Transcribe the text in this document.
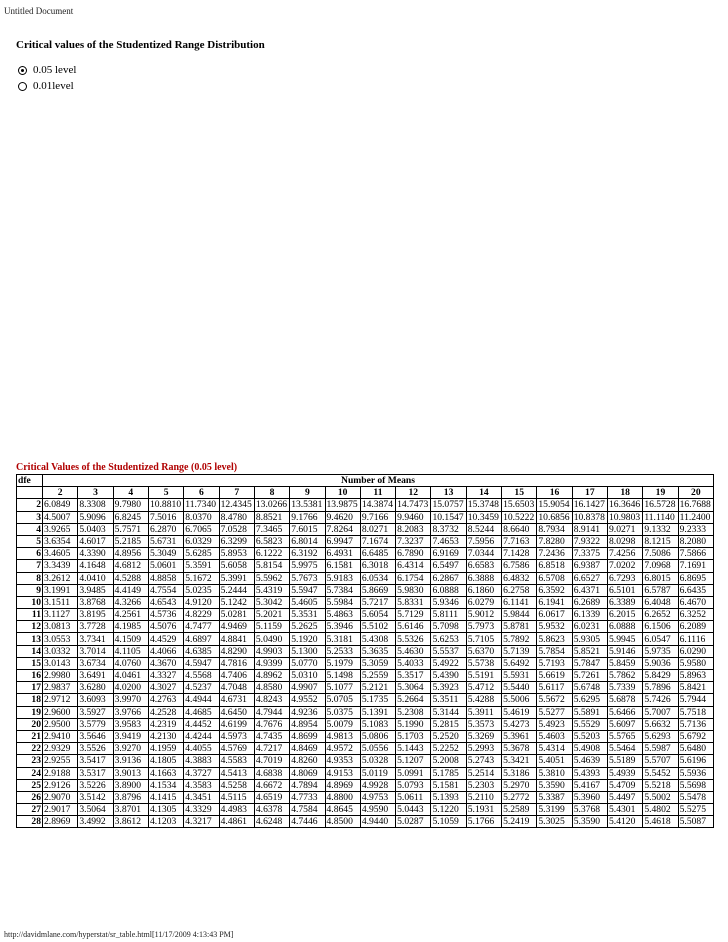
Untitled Document
Critical values of the Studentized Range Distribution
0.05 level
0.01level
Critical Values of the Studentized Range (0.05 level)
dfe	Number of Means																		
	2	3	4	5	6	7	8	9	10	11	12	13	14	15	16	17	18	19	20
2	6.0849	8.3308	9.7980	10.8810	11.7340	12.4345	13.0266	13.5381	13.9875	14.3874	14.7473	15.0757	15.3748	15.6503	15.9054	16.1427	16.3646	16.5728	16.7688
3	4.5007	5.9096	6.8245	7.5016	8.0370	8.4780	8.8521	9.1766	9.4620	9.7166	9.9460	10.1547	10.3459	10.5222	10.6856	10.8378	10.9803	11.1140	11.2400
4	3.9265	5.0403	5.7571	6.2870	6.7065	7.0528	7.3465	7.6015	7.8264	8.0271	8.2083	8.3732	8.5244	8.6640	8.7934	8.9141	9.0271	9.1332	9.2333
5	3.6354	4.6017	5.2185	5.6731	6.0329	6.3299	6.5823	6.8014	6.9947	7.1674	7.3237	7.4653	7.5956	7.7163	7.8280	7.9322	8.0298	8.1215	8.2080
6	3.4605	4.3390	4.8956	5.3049	5.6285	5.8953	6.1222	6.3192	6.4931	6.6485	6.7890	6.9169	7.0344	7.1428	7.2436	7.3375	7.4256	7.5086	7.5866
7	3.3439	4.1648	4.6812	5.0601	5.3591	5.6058	5.8154	5.9975	6.1581	6.3018	6.4314	6.5497	6.6583	6.7586	6.8518	6.9387	7.0202	7.0968	7.1691
8	3.2612	4.0410	4.5288	4.8858	5.1672	5.3991	5.5962	5.7673	5.9183	6.0534	6.1754	6.2867	6.3888	6.4832	6.5708	6.6527	6.7293	6.8015	6.8695
9	3.1991	3.9485	4.4149	4.7554	5.0235	5.2444	5.4319	5.5947	5.7384	5.8669	5.9830	6.0888	6.1860	6.2758	6.3592	6.4371	6.5101	6.5787	6.6435
10	3.1511	3.8768	4.3266	4.6543	4.9120	5.1242	5.3042	5.4605	5.5984	5.7217	5.8331	5.9346	6.0279	6.1141	6.1941	6.2689	6.3389	6.4048	6.4670
11	3.1127	3.8195	4.2561	4.5736	4.8229	5.0281	5.2021	5.3531	5.4863	5.6054	5.7129	5.8111	5.9012	5.9844	6.0617	6.1339	6.2015	6.2652	6.3252
12	3.0813	3.7728	4.1985	4.5076	4.7477	4.9469	5.1159	5.2625	5.3946	5.5102	5.6146	5.7098	5.7973	5.8781	5.9532	6.0231	6.0888	6.1506	6.2089
13	3.0553	3.7341	4.1509	4.4529	4.6897	4.8841	5.0490	5.1920	5.3181	5.4308	5.5326	5.6253	5.7105	5.7892	5.8623	5.9305	5.9945	6.0547	6.1116
14	3.0332	3.7014	4.1105	4.4066	4.6385	4.8290	4.9903	5.1300	5.2533	5.3635	5.4630	5.5537	5.6370	5.7139	5.7854	5.8521	5.9146	5.9735	6.0290
15	3.0143	3.6734	4.0760	4.3670	4.5947	4.7816	4.9399	5.0770	5.1979	5.3059	5.4033	5.4922	5.5738	5.6492	5.7193	5.7847	5.8459	5.9036	5.9580
16	2.9980	3.6491	4.0461	4.3327	4.5568	4.7406	4.8962	5.0310	5.1498	5.2559	5.3517	5.4390	5.5191	5.5931	5.6619	5.7261	5.7862	5.8429	5.8963
17	2.9837	3.6280	4.0200	4.3027	4.5237	4.7048	4.8580	4.9907	5.1077	5.2121	5.3064	5.3923	5.4712	5.5440	5.6117	5.6748	5.7339	5.7896	5.8421
18	2.9712	3.6093	3.9970	4.2763	4.4944	4.6731	4.8243	4.9552	5.0705	5.1735	5.2664	5.3511	5.4288	5.5006	5.5672	5.6295	5.6878	5.7426	5.7944
19	2.9600	3.5927	3.9766	4.2528	4.4685	4.6450	4.7944	4.9236	5.0375	5.1391	5.2308	5.3144	5.3911	5.4619	5.5277	5.5891	5.6466	5.7007	5.7518
20	2.9500	3.5779	3.9583	4.2319	4.4452	4.6199	4.7676	4.8954	5.0079	5.1083	5.1990	5.2815	5.3573	5.4273	5.4923	5.5529	5.6097	5.6632	5.7136
21	2.9410	3.5646	3.9419	4.2130	4.4244	4.5973	4.7435	4.8699	4.9813	5.0806	5.1703	5.2520	5.3269	5.3961	5.4603	5.5203	5.5765	5.6293	5.6792
22	2.9329	3.5526	3.9270	4.1959	4.4055	4.5769	4.7217	4.8469	4.9572	5.0556	5.1443	5.2252	5.2993	5.3678	5.4314	5.4908	5.5464	5.5987	5.6480
23	2.9255	3.5417	3.9136	4.1805	4.3883	4.5583	4.7019	4.8260	4.9353	5.0328	5.1207	5.2008	5.2743	5.3421	5.4051	5.4639	5.5189	5.5707	5.6196
24	2.9188	3.5317	3.9013	4.1663	4.3727	4.5413	4.6838	4.8069	4.9153	5.0119	5.0991	5.1785	5.2514	5.3186	5.3810	5.4393	5.4939	5.5452	5.5936
25	2.9126	3.5226	3.8900	4.1534	4.3583	4.5258	4.6672	4.7894	4.8969	4.9928	5.0793	5.1581	5.2303	5.2970	5.3590	5.4167	5.4709	5.5218	5.5698
26	2.9070	3.5142	3.8796	4.1415	4.3451	4.5115	4.6519	4.7733	4.8800	4.9753	5.0611	5.1393	5.2110	5.2772	5.3387	5.3960	5.4497	5.5002	5.5478
27	2.9017	3.5064	3.8701	4.1305	4.3329	4.4983	4.6378	4.7584	4.8645	4.9590	5.0443	5.1220	5.1931	5.2589	5.3199	5.3768	5.4301	5.4802	5.5275
28	2.8969	3.4992	3.8612	4.1203	4.3217	4.4861	4.6248	4.7446	4.8500	4.9440	5.0287	5.1059	5.1766	5.2419	5.3025	5.3590	5.4120	5.4618	5.5087
http://davidmlane.com/hyperstat/sr_table.html[11/17/2009 4:13:43 PM]
